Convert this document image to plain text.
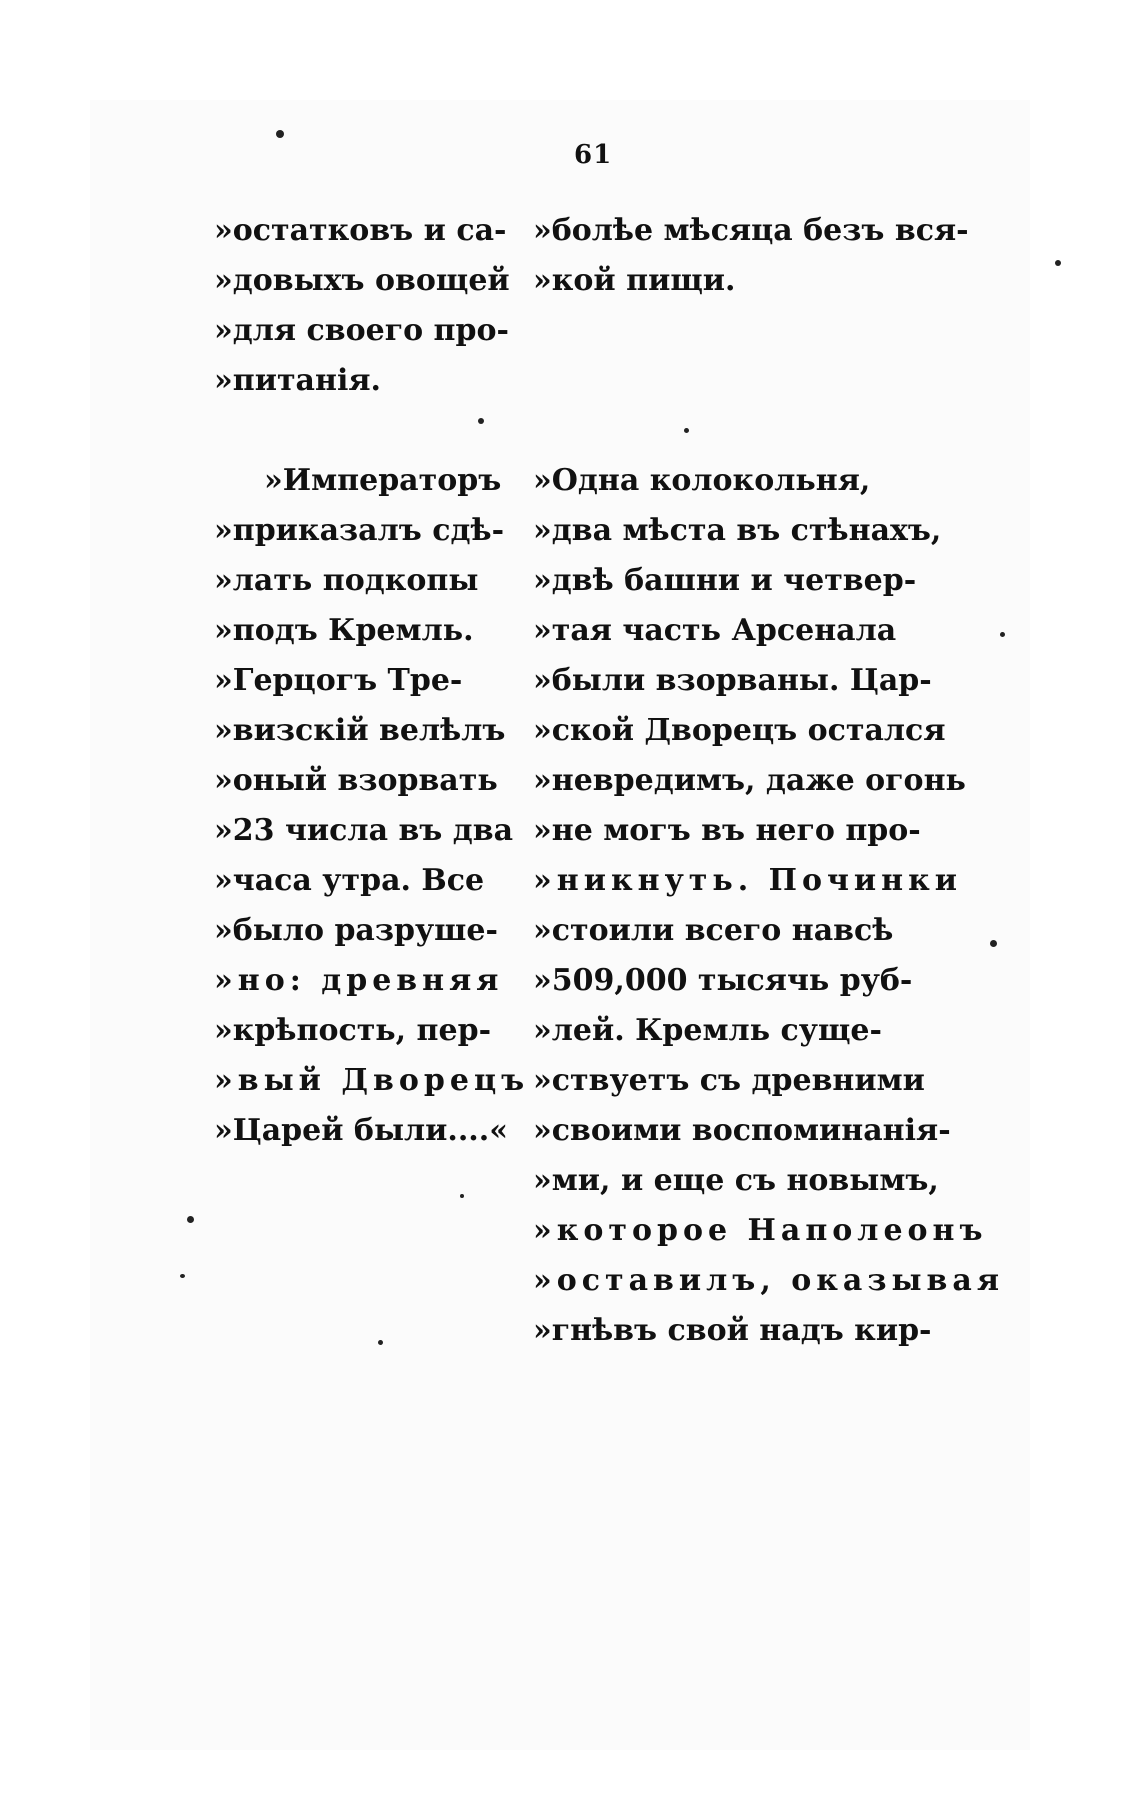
61
»остатковъ и са-
»довыхъ овощей
»для своего про-
»питанія.
»болѣе мѣсяца безъ вся-
»кой пищи.
»Императоръ
»приказалъ сдѣ-
»лать подкопы
»подъ Кремль.
»Герцогъ Тре-
»визскій велѣлъ
»оный взорвать
»23 числа въ два
»часа утра. Все
»было разруше-
»но: древняя
»крѣпость, пер-
»вый Дворецъ
»Царей были....«
»Одна колокольня,
»два мѣста въ стѣнахъ,
»двѣ башни и четвер-
»тая часть Арсенала
»были взорваны. Цар-
»ской Дворецъ остался
»невредимъ, даже огонь
»не могъ въ него про-
»никнуть. Починки
»стоили всего навсѣ
»509,000 тысячь руб-
»лей. Кремль суще-
»ствуетъ съ древними
»своими воспоминанія-
»ми, и еще съ новымъ,
»которое Наполеонъ
»оставилъ, оказывая
»гнѣвъ свой надъ кир-
